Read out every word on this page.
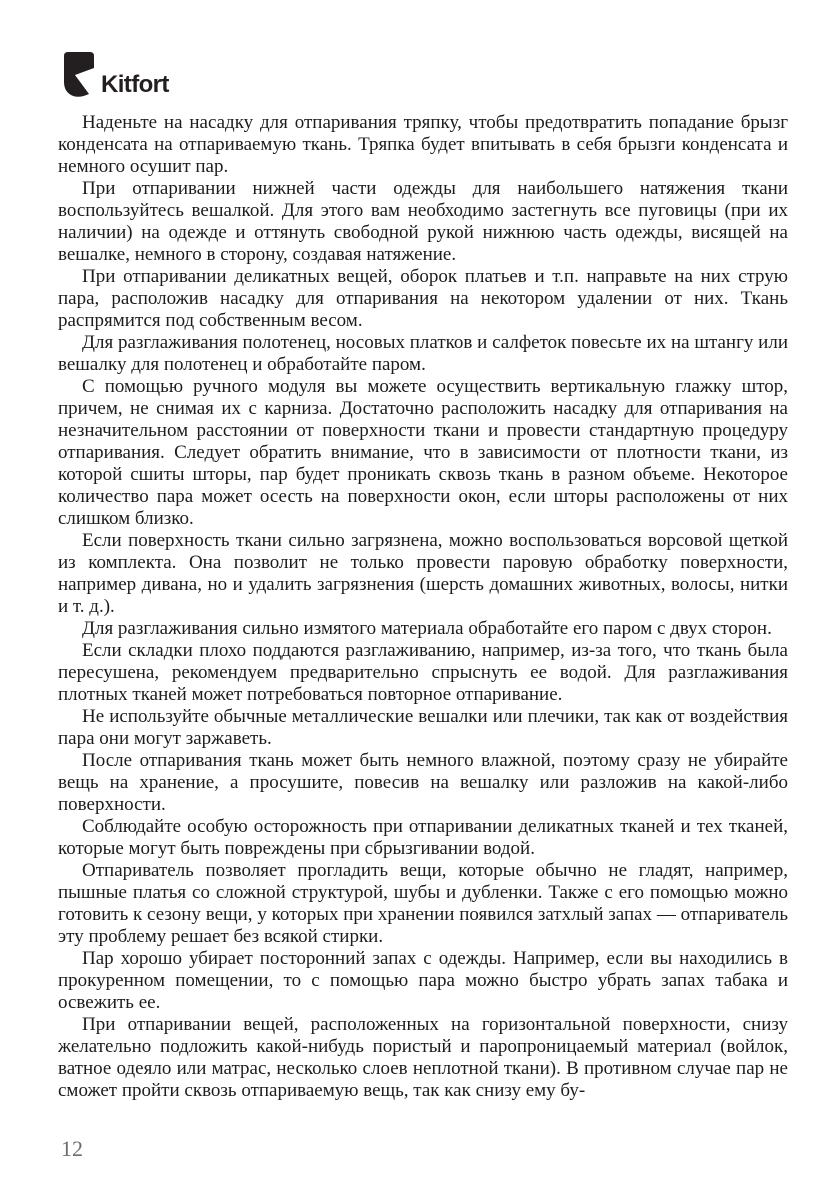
Kitfort

Наденьте на насадку для отпаривания тряпку, чтобы предотвратить попадание брызг конденсата на отпариваемую ткань. Тряпка будет впитывать в себя брызги конденсата и немного осушит пар.

При отпаривании нижней части одежды для наибольшего натяжения ткани воспользуйтесь вешалкой. Для этого вам необходимо застегнуть все пуговицы (при их наличии) на одежде и оттянуть свободной рукой нижнюю часть одежды, висящей на вешалке, немного в сторону, создавая натяжение.

При отпаривании деликатных вещей, оборок платьев и т.п. направьте на них струю пара, расположив насадку для отпаривания на некотором удалении от них. Ткань распрямится под собственным весом.

Для разглаживания полотенец, носовых платков и салфеток повесьте их на штангу или вешалку для полотенец и обработайте паром.

С помощью ручного модуля вы можете осуществить вертикальную глажку штор, причем, не снимая их с карниза. Достаточно расположить насадку для отпаривания на незначительном расстоянии от поверхности ткани и провести стандартную процедуру отпаривания. Следует обратить внимание, что в зависимости от плотности ткани, из которой сшиты шторы, пар будет проникать сквозь ткань в разном объеме. Некоторое количество пара может осесть на поверхности окон, если шторы расположены от них слишком близко.

Если поверхность ткани сильно загрязнена, можно воспользоваться ворсовой щеткой из комплекта. Она позволит не только провести паровую обработку поверхности, например дивана, но и удалить загрязнения (шерсть домашних животных, волосы, нитки и т. д.).

Для разглаживания сильно измятого материала обработайте его паром с двух сторон.

Если складки плохо поддаются разглаживанию, например, из-за того, что ткань была пересушена, рекомендуем предварительно спрыснуть ее водой. Для разглаживания плотных тканей может потребоваться повторное отпаривание.

Не используйте обычные металлические вешалки или плечики, так как от воздействия пара они могут заржаветь.

После отпаривания ткань может быть немного влажной, поэтому сразу не убирайте вещь на хранение, а просушите, повесив на вешалку или разложив на какой-либо поверхности.

Соблюдайте особую осторожность при отпаривании деликатных тканей и тех тканей, которые могут быть повреждены при сбрызгивании водой.

Отпариватель позволяет прогладить вещи, которые обычно не гладят, например, пышные платья со сложной структурой, шубы и дубленки. Также с его помощью можно готовить к сезону вещи, у которых при хранении появился затхлый запах — отпариватель эту проблему решает без всякой стирки.

Пар хорошо убирает посторонний запах с одежды. Например, если вы находились в прокуренном помещении, то с помощью пара можно быстро убрать запах табака и освежить ее.

При отпаривании вещей, расположенных на горизонтальной поверхности, снизу желательно подложить какой-нибудь пористый и паропроницаемый материал (войлок, ватное одеяло или матрас, несколько слоев неплотной ткани). В противном случае пар не сможет пройти сквозь отпариваемую вещь, так как снизу ему бу-

12
